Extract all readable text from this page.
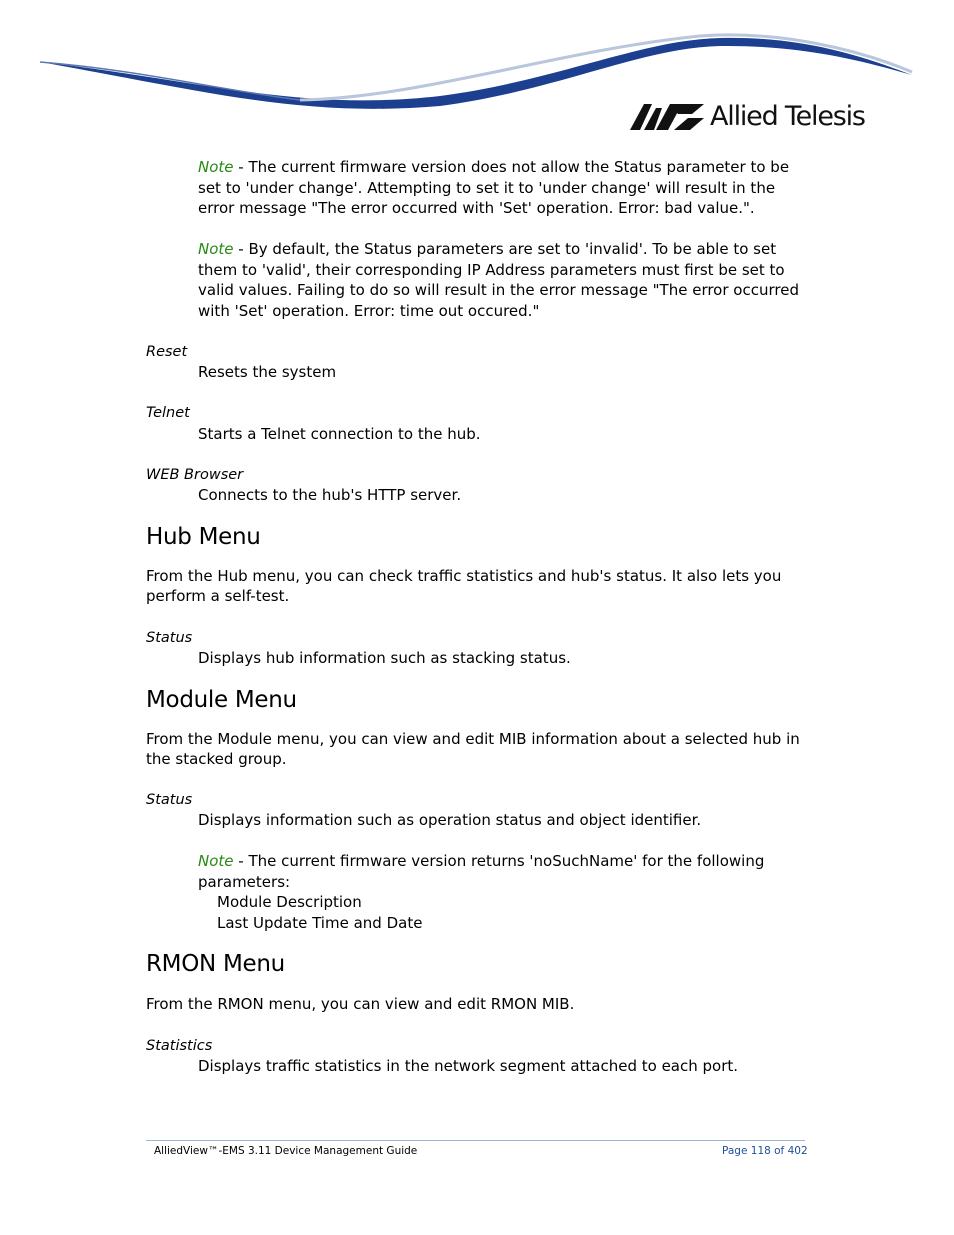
Allied Telesis

Note - The current firmware version does not allow the Status parameter to be set to 'under change'. Attempting to set it to 'under change' will result in the error message "The error occurred with 'Set' operation. Error: bad value.".

Note - By default, the Status parameters are set to 'invalid'. To be able to set them to 'valid', their corresponding IP Address parameters must first be set to valid values. Failing to do so will result in the error message "The error occurred with 'Set' operation. Error: time out occured."

Reset

Resets the system

Telnet

Starts a Telnet connection to the hub.

WEB Browser

Connects to the hub's HTTP server.

Hub Menu

From the Hub menu, you can check traffic statistics and hub's status. It also lets you perform a self-test.

Status

Displays hub information such as stacking status.

Module Menu

From the Module menu, you can view and edit MIB information about a selected hub in the stacked group.

Status

Displays information such as operation status and object identifier.

Note - The current firmware version returns 'noSuchName' for the following parameters:

Module Description

Last Update Time and Date

RMON Menu

From the RMON menu, you can view and edit RMON MIB.

Statistics

Displays traffic statistics in the network segment attached to each port.

AlliedView™-EMS 3.11 Device Management Guide	Page 118 of 402
